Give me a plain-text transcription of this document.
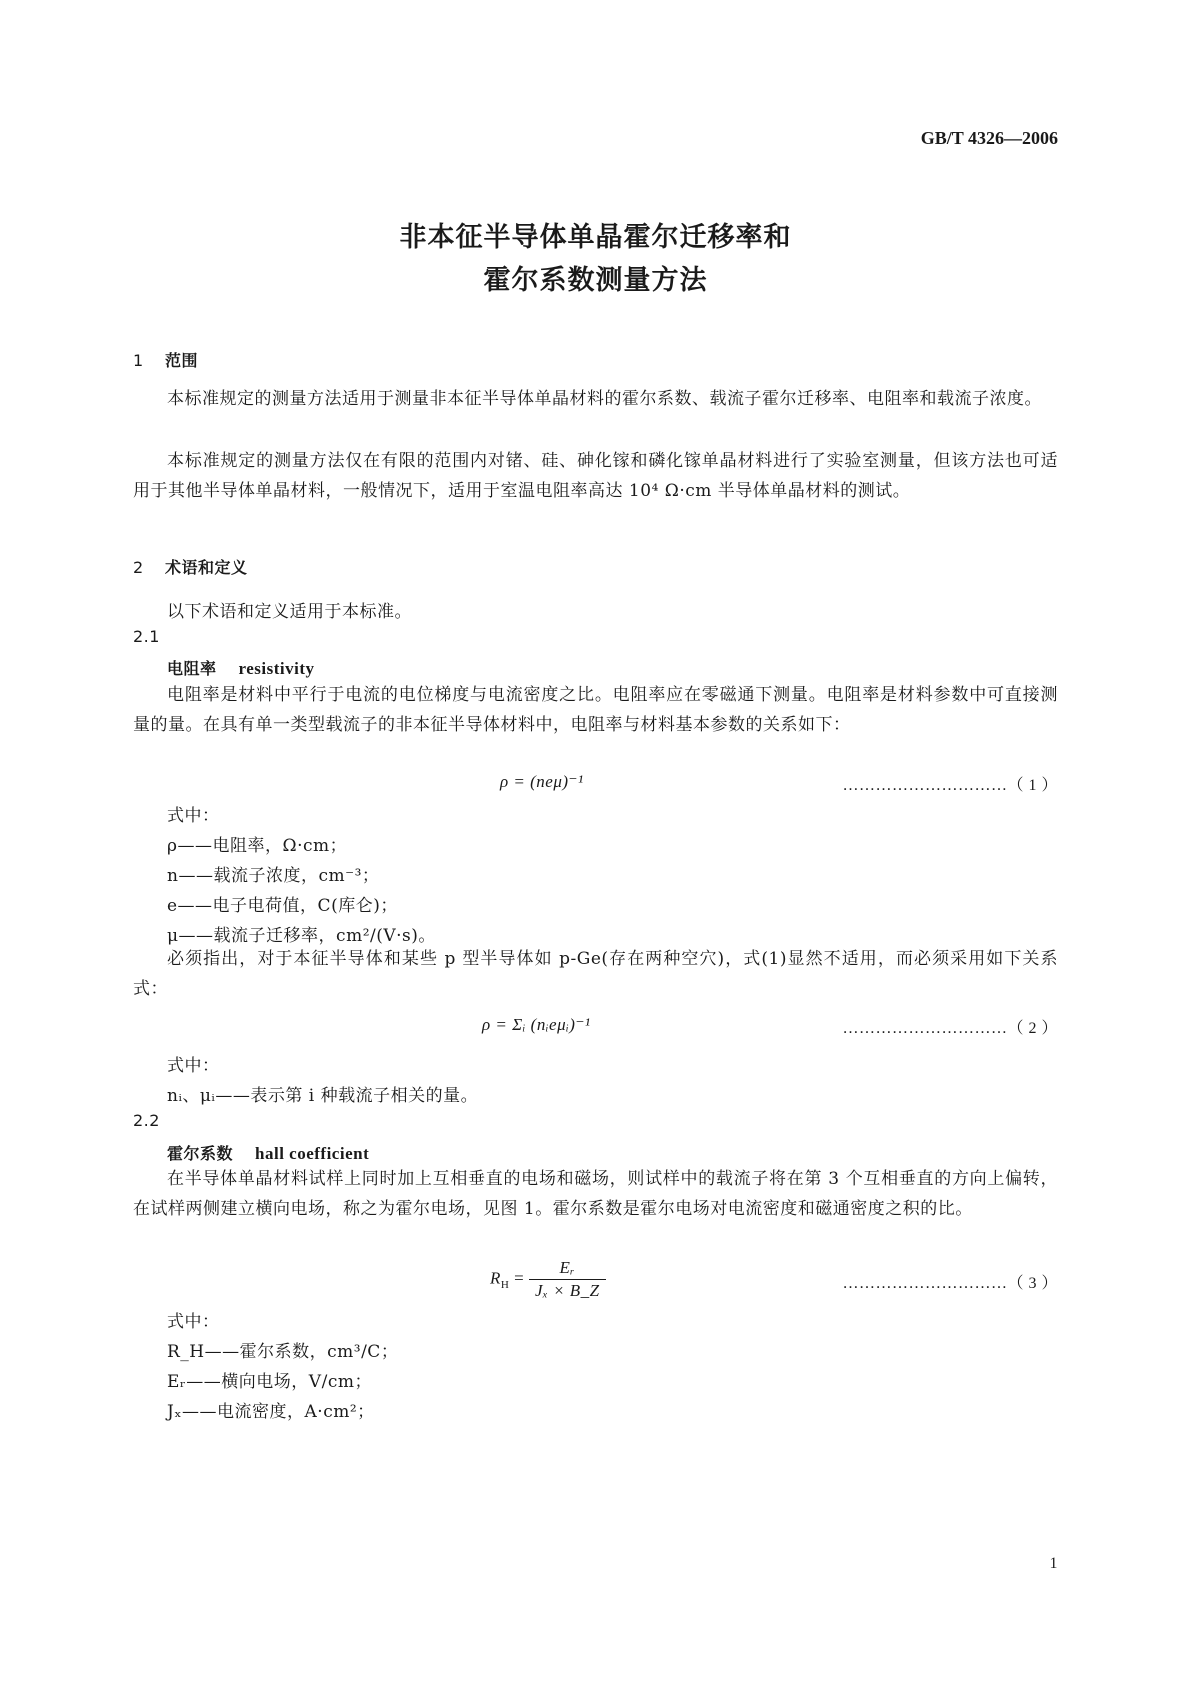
GB/T 4326—2006
非本征半导体单晶霍尔迁移率和
霍尔系数测量方法
1 范围
本标准规定的测量方法适用于测量非本征半导体单晶材料的霍尔系数、载流子霍尔迁移率、电阻率和载流子浓度。
本标准规定的测量方法仅在有限的范围内对锗、硅、砷化镓和磷化镓单晶材料进行了实验室测量，但该方法也可适用于其他半导体单晶材料，一般情况下，适用于室温电阻率高达 10⁴ Ω·cm 半导体单晶材料的测试。
2 术语和定义
以下术语和定义适用于本标准。
2.1
电阻率 resistivity
电阻率是材料中平行于电流的电位梯度与电流密度之比。电阻率应在零磁通下测量。电阻率是材料参数中可直接测量的量。在具有单一类型载流子的非本征半导体材料中，电阻率与材料基本参数的关系如下：
ρ = (neμ)⁻¹	…………………………（ 1 ）
式中：
ρ——电阻率，Ω·cm；
n——载流子浓度，cm⁻³；
e——电子电荷值，C(库仑)；
μ——载流子迁移率，cm²/(V·s)。
必须指出，对于本征半导体和某些 p 型半导体如 p-Ge(存在两种空穴)，式(1)显然不适用，而必须采用如下关系式：
ρ = Σᵢ (nᵢeμᵢ)⁻¹	…………………………（ 2 ）
式中：
nᵢ、μᵢ——表示第 i 种载流子相关的量。
2.2
霍尔系数 hall coefficient
在半导体单晶材料试样上同时加上互相垂直的电场和磁场，则试样中的载流子将在第 3 个互相垂直的方向上偏转，在试样两侧建立横向电场，称之为霍尔电场，见图 1。霍尔系数是霍尔电场对电流密度和磁通密度之积的比。
$R_H = \frac{\text{Eᵣ}}{\text{Jₓ × B\_Z}}$	…………………………（ 3 ）
式中：
R_H——霍尔系数，cm³/C；
Eᵣ——横向电场，V/cm；
Jₓ——电流密度，A·cm²；
1
